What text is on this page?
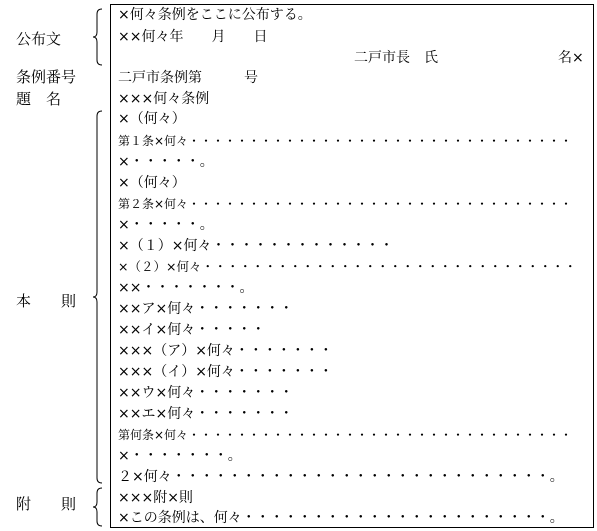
公布文
条例番号
題　名
本　　則
附　　則
×何々条例をここに公布する。
××何々年　　月　　日
二戸市長　氏	名×
二戸市条例第　　　号
×××何々条例
×（何々）
第１条×何々・・・・・・・・・・・・・・・・・・・・・・・・・・・・・・・・
×・・・・・。
×（何々）
第２条×何々・・・・・・・・・・・・・・・・・・・・・・・・・・・・・・・・
×・・・・・。
×（１）×何々・・・・・・・・・・・・・
×（２）×何々・・・・・・・・・・・・・・・・・・・・・・・・・・・・・・
××・・・・・・・。
××ア×何々・・・・・・・
××イ×何々・・・・・
×××（ア）×何々・・・・・・・
×××（イ）×何々・・・・・・・
××ウ×何々・・・・・・・
××エ×何々・・・・・・・
第何条×何々・・・・・・・・・・・・・・・・・・・・・・・・・・・・・・・・
×・・・・・・・。
２×何々・・・・・・・・・・・・・・・・・・・・・・・・・・・。
×××附×則
×この条例は、何々・・・・・・・・・・・・・・・・・・・・・・。
